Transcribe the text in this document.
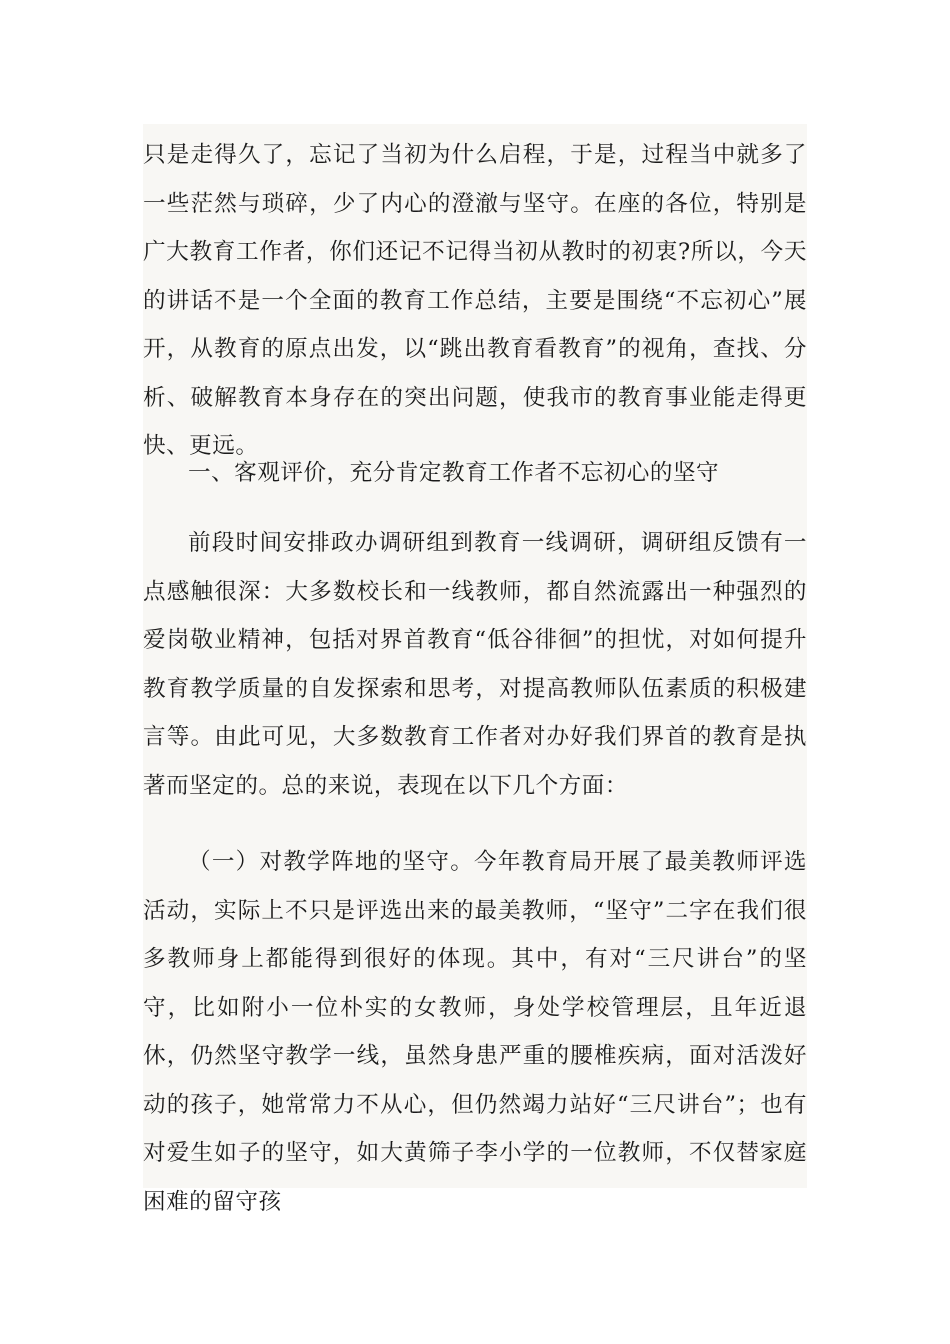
只是走得久了，忘记了当初为什么启程，于是，过程当中就多了一些茫然与琐碎，少了内心的澄澈与坚守。在座的各位，特别是广大教育工作者，你们还记不记得当初从教时的初衷?所以，今天的讲话不是一个全面的教育工作总结，主要是围绕“不忘初心”展开，从教育的原点出发，以“跳出教育看教育”的视角，查找、分析、破解教育本身存在的突出问题，使我市的教育事业能走得更快、更远。

一、客观评价，充分肯定教育工作者不忘初心的坚守

前段时间安排政办调研组到教育一线调研，调研组反馈有一点感触很深：大多数校长和一线教师，都自然流露出一种强烈的爱岗敬业精神，包括对界首教育“低谷徘徊”的担忧，对如何提升教育教学质量的自发探索和思考，对提高教师队伍素质的积极建言等。由此可见，大多数教育工作者对办好我们界首的教育是执著而坚定的。总的来说，表现在以下几个方面：

（一）对教学阵地的坚守。今年教育局开展了最美教师评选活动，实际上不只是评选出来的最美教师，“坚守”二字在我们很多教师身上都能得到很好的体现。其中，有对“三尺讲台”的坚守，比如附小一位朴实的女教师，身处学校管理层，且年近退休，仍然坚守教学一线，虽然身患严重的腰椎疾病，面对活泼好动的孩子，她常常力不从心，但仍然竭力站好“三尺讲台”；也有对爱生如子的坚守，如大黄筛子李小学的一位教师，不仅替家庭困难的留守孩
